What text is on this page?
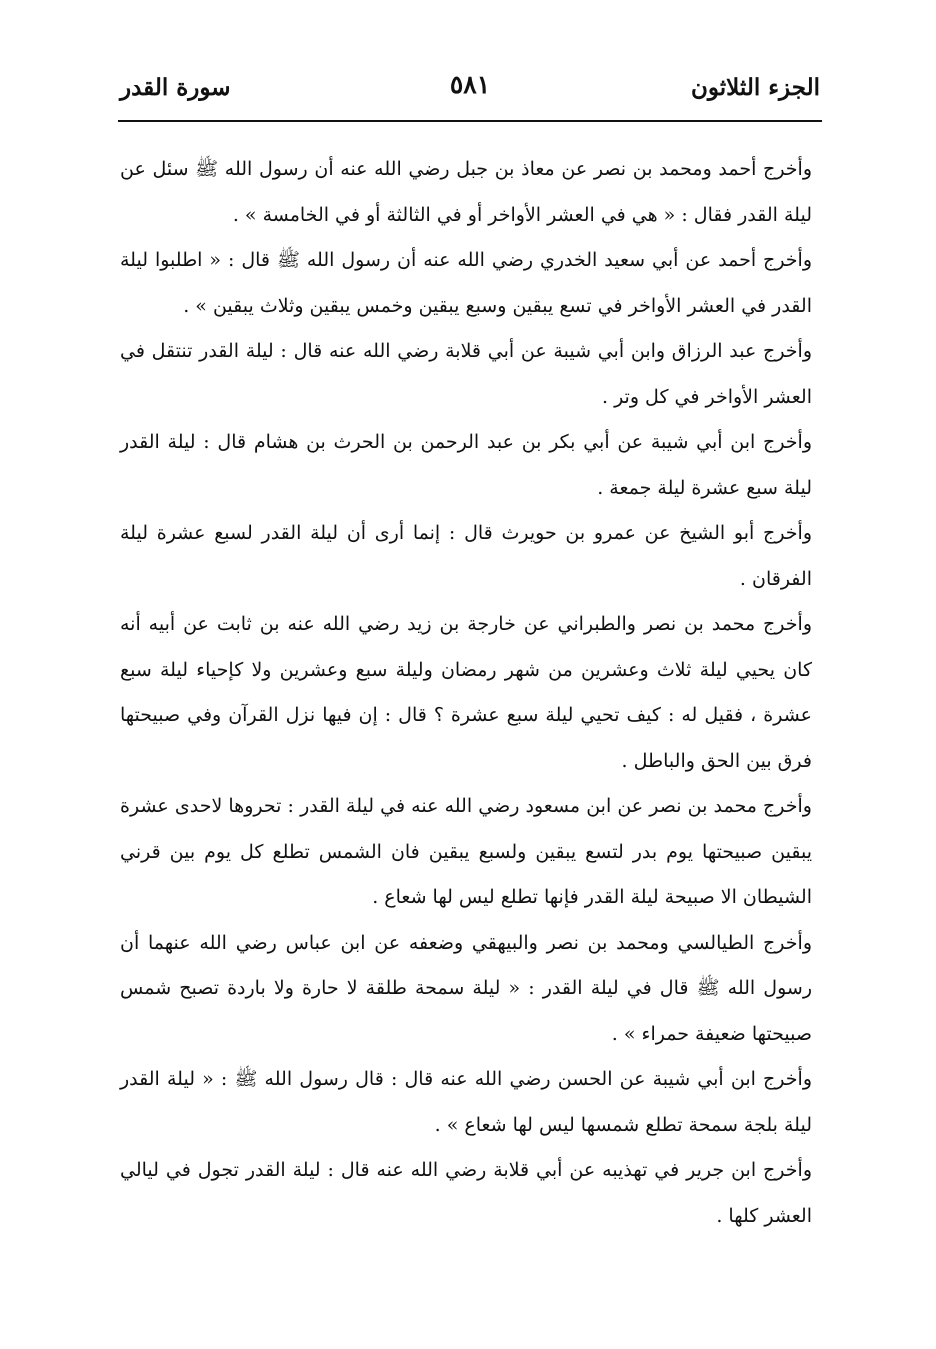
الجزء الثلاثون
٥٨١
سورة القدر

وأخرج أحمد ومحمد بن نصر عن معاذ بن جبل رضي الله عنه أن رسول الله ﷺ سئل عن ليلة القدر فقال : « هي في العشر الأواخر أو في الثالثة أو في الخامسة » .

وأخرج أحمد عن أبي سعيد الخدري رضي الله عنه أن رسول الله ﷺ قال : « اطلبوا ليلة القدر في العشر الأواخر في تسع يبقين وسبع يبقين وخمس يبقين وثلاث يبقين » .

وأخرج عبد الرزاق وابن أبي شيبة عن أبي قلابة رضي الله عنه قال : ليلة القدر تنتقل في العشر الأواخر في كل وتر .

وأخرج ابن أبي شيبة عن أبي بكر بن عبد الرحمن بن الحرث بن هشام قال : ليلة القدر ليلة سبع عشرة ليلة جمعة .

وأخرج أبو الشيخ عن عمرو بن حويرث قال : إنما أرى أن ليلة القدر لسبع عشرة ليلة الفرقان .

وأخرج محمد بن نصر والطبراني عن خارجة بن زيد رضي الله عنه بن ثابت عن أبيه أنه كان يحيي ليلة ثلاث وعشرين من شهر رمضان وليلة سبع وعشرين ولا كإحياء ليلة سبع عشرة ، فقيل له : كيف تحيي ليلة سبع عشرة ؟ قال : إن فيها نزل القرآن وفي صبيحتها فرق بين الحق والباطل .

وأخرج محمد بن نصر عن ابن مسعود رضي الله عنه في ليلة القدر : تحروها لاحدى عشرة يبقين صبيحتها يوم بدر لتسع يبقين ولسبع يبقين فان الشمس تطلع كل يوم بين قرني الشيطان الا صبيحة ليلة القدر فإنها تطلع ليس لها شعاع .

وأخرج الطيالسي ومحمد بن نصر والبيهقي وضعفه عن ابن عباس رضي الله عنهما أن رسول الله ﷺ قال في ليلة القدر : « ليلة سمحة طلقة لا حارة ولا باردة تصبح شمس صبيحتها ضعيفة حمراء » .

وأخرج ابن أبي شيبة عن الحسن رضي الله عنه قال : قال رسول الله ﷺ : « ليلة القدر ليلة بلجة سمحة تطلع شمسها ليس لها شعاع » .

وأخرج ابن جرير في تهذيبه عن أبي قلابة رضي الله عنه قال : ليلة القدر تجول في ليالي العشر كلها .
